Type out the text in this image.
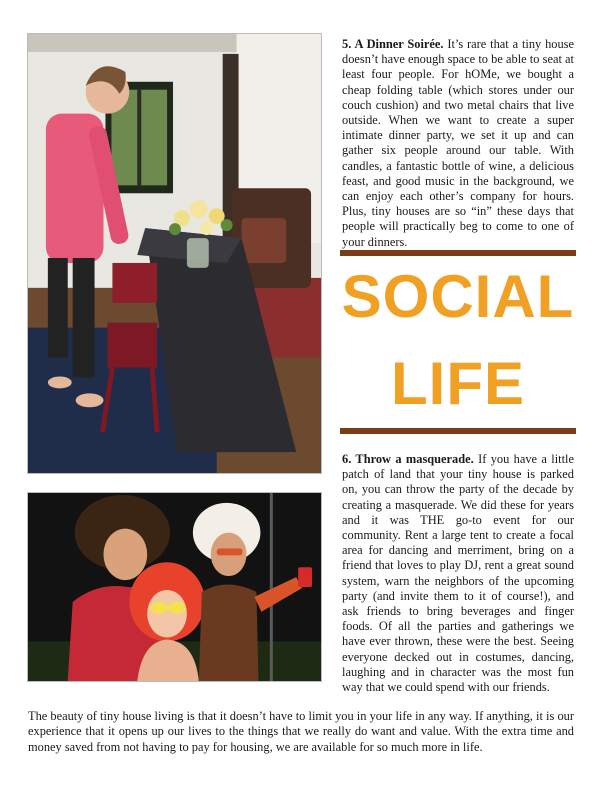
5. A Dinner Soirée. It’s rare that a tiny house doesn’t have enough space to be able to seat at least four people. For hOMe, we bought a cheap folding table (which stores under our couch cushion) and two metal chairs that live outside. When we want to create a super intimate dinner party, we set it up and can gather six people around our table. With candles, a fantastic bottle of wine, a delicious feast, and good music in the background, we can enjoy each other’s company for hours. Plus, tiny houses are so “in” these days that people will practically beg to come to one of your dinners.

SOCIAL
LIFE

6. Throw a masquerade. If you have a little patch of land that your tiny house is parked on, you can throw the party of the decade by creating a masquerade. We did these for years and it was THE go-to event for our community. Rent a large tent to create a focal area for dancing and merriment, bring on a friend that loves to play DJ, rent a great sound system, warn the neighbors of the upcoming party (and invite them to it of course!), and ask friends to bring beverages and finger foods. Of all the parties and gatherings we have ever thrown, these were the best. Seeing everyone decked out in costumes, dancing, laughing and in character was the most fun way that we could spend with our friends.

The beauty of tiny house living is that it doesn’t have to limit you in your life in any way. If anything, it is our experience that it opens up our lives to the things that we really do want and value. With the extra time and money saved from not having to pay for housing, we are available for so much more in life.
